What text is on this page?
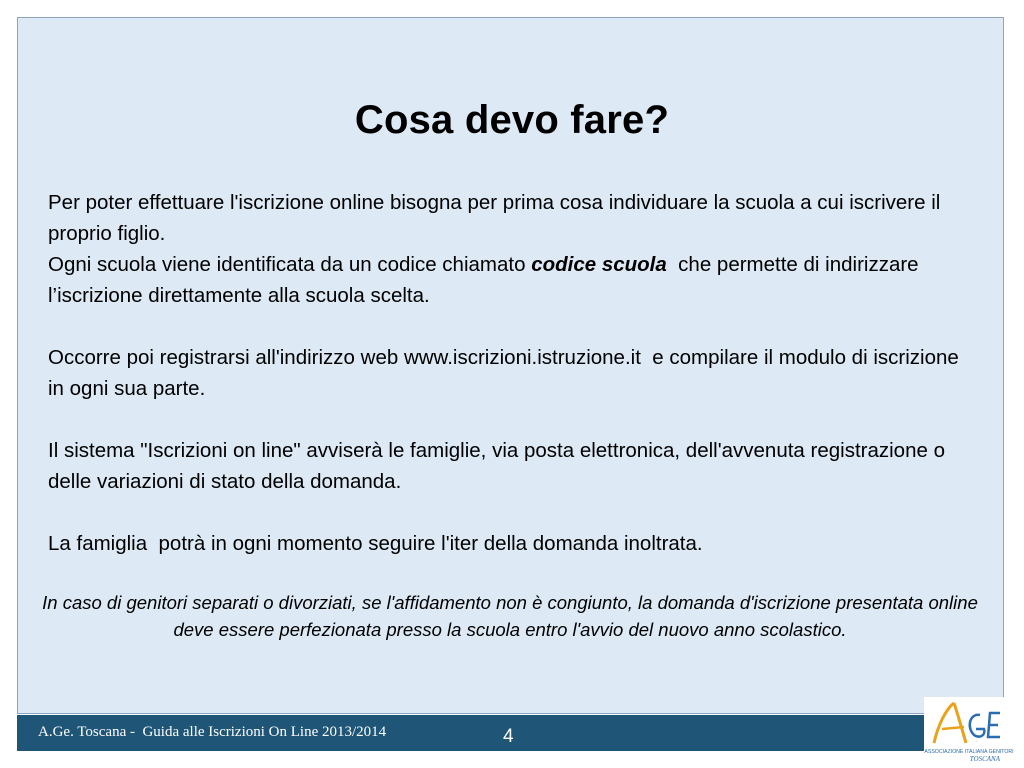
Cosa devo fare?

Per poter effettuare l'iscrizione online bisogna per prima cosa individuare la scuola a cui iscrivere il proprio figlio.
Ogni scuola viene identificata da un codice chiamato codice scuola  che permette di indirizzare l’iscrizione direttamente alla scuola scelta.

Occorre poi registrarsi all'indirizzo web www.iscrizioni.istruzione.it  e compilare il modulo di iscrizione in ogni sua parte.

Il sistema "Iscrizioni on line" avviserà le famiglie, via posta elettronica, dell'avvenuta registrazione o delle variazioni di stato della domanda.

La famiglia  potrà in ogni momento seguire l'iter della domanda inoltrata.

In caso di genitori separati o divorziati, se l'affidamento non è congiunto, la domanda d'iscrizione presentata online deve essere perfezionata presso la scuola entro l'avvio del nuovo anno scolastico.
A.Ge. Toscana -  Guida alle Iscrizioni On Line 2013/2014	4
ASSOCIAZIONE ITALIANA GENITORI
TOSCANA
